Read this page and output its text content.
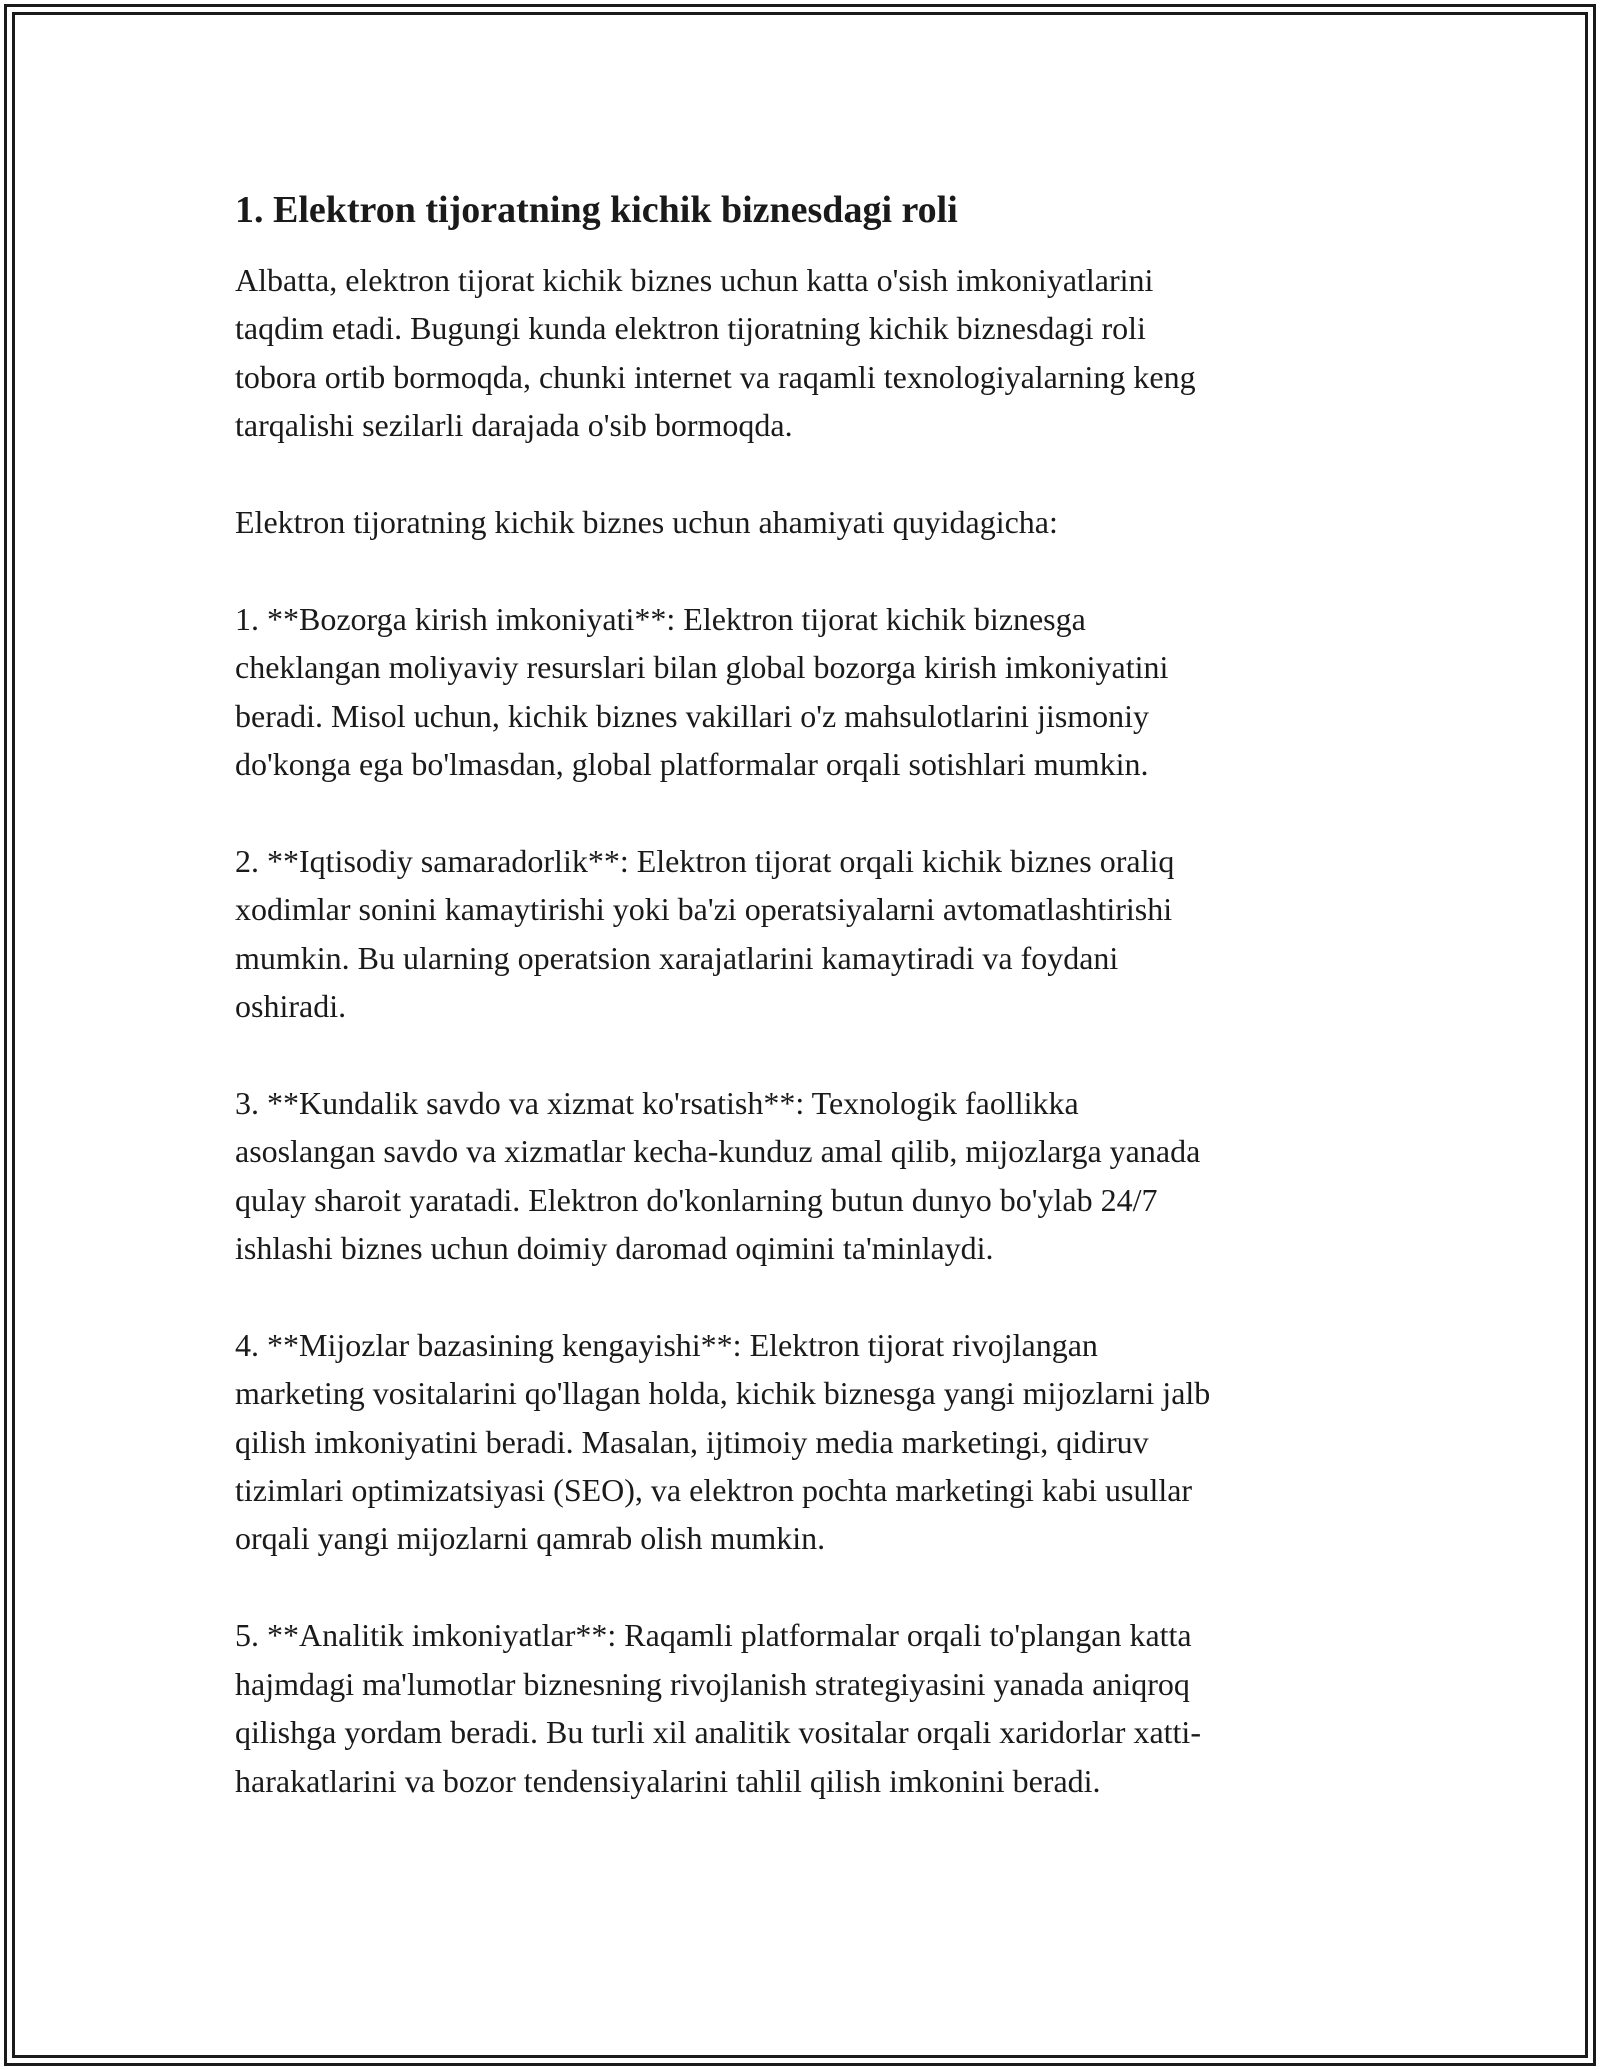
1. Elektron tijoratning kichik biznesdagi roli

Albatta, elektron tijorat kichik biznes uchun katta o'sish imkoniyatlarini
taqdim etadi. Bugungi kunda elektron tijoratning kichik biznesdagi roli
tobora ortib bormoqda, chunki internet va raqamli texnologiyalarning keng
tarqalishi sezilarli darajada o'sib bormoqda.

Elektron tijoratning kichik biznes uchun ahamiyati quyidagicha:

1. **Bozorga kirish imkoniyati**: Elektron tijorat kichik biznesga
cheklangan moliyaviy resurslari bilan global bozorga kirish imkoniyatini
beradi. Misol uchun, kichik biznes vakillari o'z mahsulotlarini jismoniy
do'konga ega bo'lmasdan, global platformalar orqali sotishlari mumkin.

2. **Iqtisodiy samaradorlik**: Elektron tijorat orqali kichik biznes oraliq
xodimlar sonini kamaytirishi yoki ba'zi operatsiyalarni avtomatlashtirishi
mumkin. Bu ularning operatsion xarajatlarini kamaytiradi va foydani
oshiradi.

3. **Kundalik savdo va xizmat ko'rsatish**: Texnologik faollikka
asoslangan savdo va xizmatlar kecha-kunduz amal qilib, mijozlarga yanada
qulay sharoit yaratadi. Elektron do'konlarning butun dunyo bo'ylab 24/7
ishlashi biznes uchun doimiy daromad oqimini ta'minlaydi.

4. **Mijozlar bazasining kengayishi**: Elektron tijorat rivojlangan
marketing vositalarini qo'llagan holda, kichik biznesga yangi mijozlarni jalb
qilish imkoniyatini beradi. Masalan, ijtimoiy media marketingi, qidiruv
tizimlari optimizatsiyasi (SEO), va elektron pochta marketingi kabi usullar
orqali yangi mijozlarni qamrab olish mumkin.

5. **Analitik imkoniyatlar**: Raqamli platformalar orqali to'plangan katta
hajmdagi ma'lumotlar biznesning rivojlanish strategiyasini yanada aniqroq
qilishga yordam beradi. Bu turli xil analitik vositalar orqali xaridorlar xatti-
harakatlarini va bozor tendensiyalarini tahlil qilish imkonini beradi.
